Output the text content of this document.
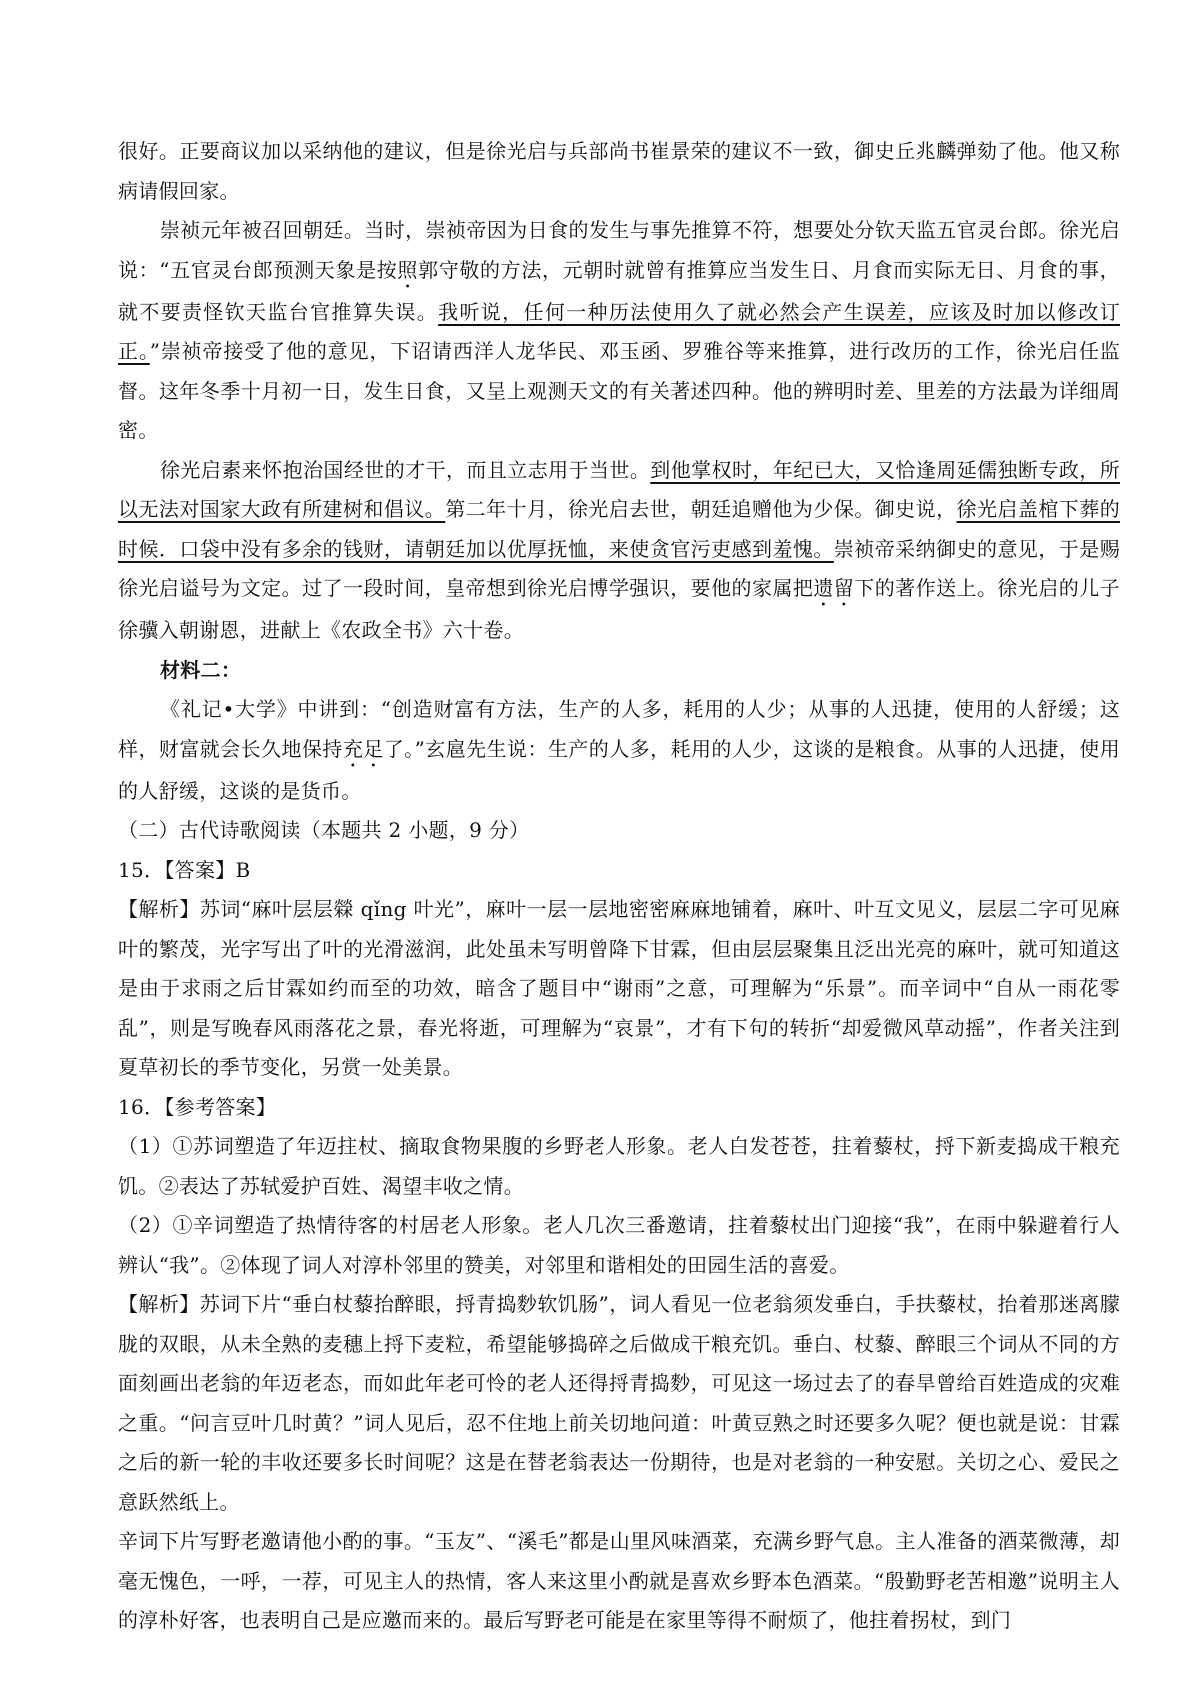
很好。正要商议加以采纳他的建议，但是徐光启与兵部尚书崔景荣的建议不一致，御史丘兆麟弹劾了他。他又称病请假回家。

崇祯元年被召回朝廷。当时，崇祯帝因为日食的发生与事先推算不符，想要处分钦天监五官灵台郎。徐光启说：“五官灵台郎预测天象是按照郭守敬的方法，元朝时就曾有推算应当发生日、月食而实际无日、月食的事，就不要责怪钦天监台官推算失误。我听说，任何一种历法使用久了就必然会产生误差，应该及时加以修改订正。”崇祯帝接受了他的意见，下诏请西洋人龙华民、邓玉函、罗雅谷等来推算，进行改历的工作，徐光启任监督。这年冬季十月初一日，发生日食，又呈上观测天文的有关著述四种。他的辨明时差、里差的方法最为详细周密。

徐光启素来怀抱治国经世的才干，而且立志用于当世。到他掌权时，年纪已大，又恰逢周延儒独断专政，所以无法对国家大政有所建树和倡议。第二年十月，徐光启去世，朝廷追赠他为少保。御史说，徐光启盖棺下葬的时候．口袋中没有多余的钱财，请朝廷加以优厚抚恤，来使贪官污吏感到羞愧。崇祯帝采纳御史的意见，于是赐徐光启谥号为文定。过了一段时间，皇帝想到徐光启博学强识，要他的家属把遗留下的著作送上。徐光启的儿子徐骥入朝谢恩，进献上《农政全书》六十卷。

材料二：

《礼记•大学》中讲到：“创造财富有方法，生产的人多，耗用的人少；从事的人迅捷，使用的人舒缓；这样，财富就会长久地保持充足了。”玄扈先生说：生产的人多，耗用的人少，这谈的是粮食。从事的人迅捷，使用的人舒缓，这谈的是货币。

（二）古代诗歌阅读（本题共 2 小题，9 分）

15．【答案】B

【解析】苏词“麻叶层层檾 qǐng 叶光”，麻叶一层一层地密密麻麻地铺着，麻叶、叶互文见义，层层二字可见麻叶的繁茂，光字写出了叶的光滑滋润，此处虽未写明曾降下甘霖，但由层层聚集且泛出光亮的麻叶，就可知道这是由于求雨之后甘霖如约而至的功效，暗含了题目中“谢雨”之意，可理解为“乐景”。而辛词中“自从一雨花零乱”，则是写晚春风雨落花之景，春光将逝，可理解为“哀景”，才有下句的转折“却爱微风草动摇”，作者关注到夏草初长的季节变化，另赏一处美景。

16．【参考答案】

（1）①苏词塑造了年迈拄杖、摘取食物果腹的乡野老人形象。老人白发苍苍，拄着藜杖，捋下新麦捣成干粮充饥。②表达了苏轼爱护百姓、渴望丰收之情。

（2）①辛词塑造了热情待客的村居老人形象。老人几次三番邀请，拄着藜杖出门迎接“我”，在雨中躲避着行人辨认“我”。②体现了词人对淳朴邻里的赞美，对邻里和谐相处的田园生活的喜爱。

【解析】苏词下片“垂白杖藜抬醉眼，捋青捣麨软饥肠”，词人看见一位老翁须发垂白，手扶藜杖，抬着那迷离朦胧的双眼，从未全熟的麦穗上捋下麦粒，希望能够捣碎之后做成干粮充饥。垂白、杖藜、醉眼三个词从不同的方面刻画出老翁的年迈老态，而如此年老可怜的老人还得捋青捣麨，可见这一场过去了的春旱曾给百姓造成的灾难之重。“问言豆叶几时黄？”词人见后，忍不住地上前关切地问道：叶黄豆熟之时还要多久呢？便也就是说：甘霖之后的新一轮的丰收还要多长时间呢？这是在替老翁表达一份期待，也是对老翁的一种安慰。关切之心、爱民之意跃然纸上。

辛词下片写野老邀请他小酌的事。“玉友”、“溪毛”都是山里风味酒菜，充满乡野气息。主人准备的酒菜微薄，却毫无愧色，一呼，一荐，可见主人的热情，客人来这里小酌就是喜欢乡野本色酒菜。“殷勤野老苦相邀”说明主人的淳朴好客，也表明自己是应邀而来的。最后写野老可能是在家里等得不耐烦了，他拄着拐杖，到门
